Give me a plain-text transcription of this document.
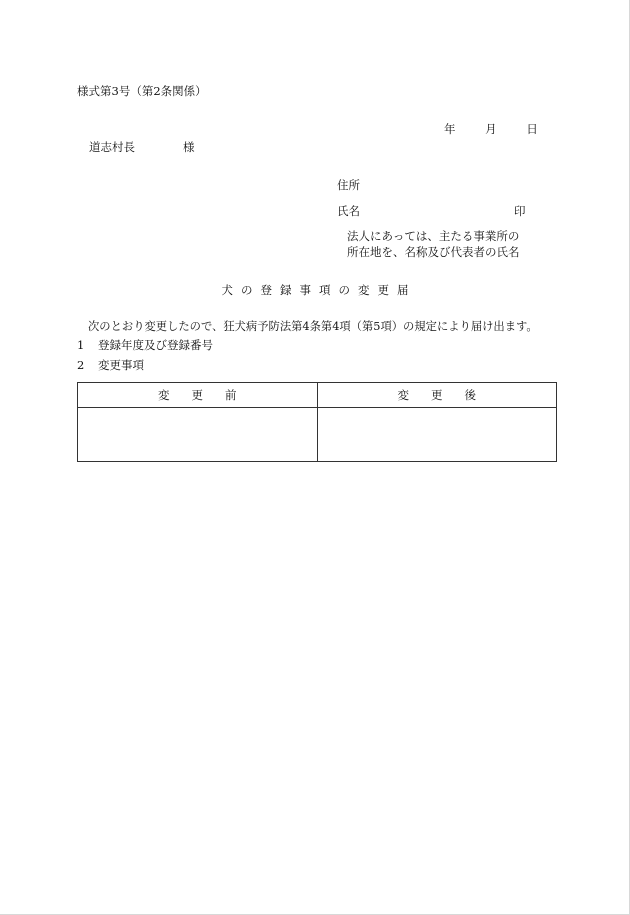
様式第3号（第2条関係）
年	月	日
道志村長	様
住所
氏名	印
法人にあっては、主たる事業所の
所在地を、名称及び代表者の氏名
犬 の 登 録 事 項 の 変 更 届
次のとおり変更したので、狂犬病予防法第4条第4項（第5項）の規定により届け出ます。
1 登録年度及び登録番号
2 変更事項
変更前	変更後
